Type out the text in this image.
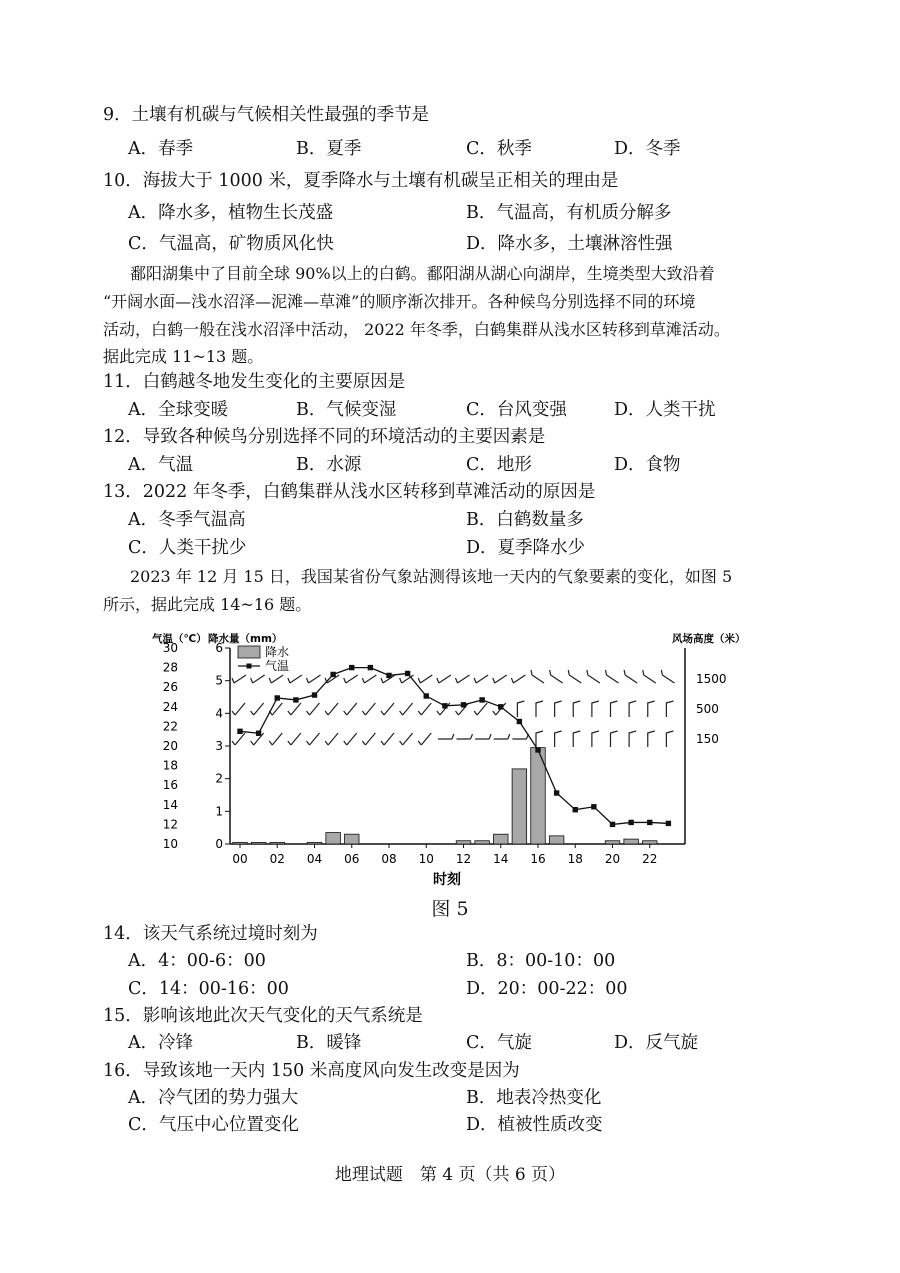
9．土壤有机碳与气候相关性最强的季节是
A．春季	B．夏季	C．秋季	D．冬季
10．海拔大于 1000 米，夏季降水与土壤有机碳呈正相关的理由是
A．降水多，植物生长茂盛	B．气温高，有机质分解多
C．气温高，矿物质风化快	D．降水多，土壤淋溶性强
鄱阳湖集中了目前全球 90%以上的白鹤。鄱阳湖从湖心向湖岸，生境类型大致沿着
“开阔水面—浅水沼泽—泥滩—草滩”的顺序渐次排开。各种候鸟分别选择不同的环境
活动，白鹤一般在浅水沼泽中活动， 2022 年冬季，白鹤集群从浅水区转移到草滩活动。
据此完成 11~13 题。
11．白鹤越冬地发生变化的主要原因是
A．全球变暖	B．气候变湿	C．台风变强	D．人类干扰
12．导致各种候鸟分别选择不同的环境活动的主要因素是
A．气温	B．水源	C．地形	D．食物
13．2022 年冬季，白鹤集群从浅水区转移到草滩活动的原因是
A．冬季气温高	B．白鹤数量多
C．人类干扰少	D．夏季降水少
2023 年 12 月 15 日，我国某省份气象站测得该地一天内的气象要素的变化，如图 5
所示，据此完成 14~16 题。
气温（℃） 降水量（mm）	风场高度（米）
时刻
降水
气温
10
12
14
16
18
20
22
24
26
28
30
0
1
2
3
4
5
6
1500
500
150
00 02 04 06 08 10 12 14 16 18 20 22
图 5
14．该天气系统过境时刻为
A．4：00-6：00	B．8：00-10：00
C．14：00-16：00	D．20：00-22：00
15．影响该地此次天气变化的天气系统是
A．冷锋	B．暖锋	C．气旋	D．反气旋
16．导致该地一天内 150 米高度风向发生改变是因为
A．冷气团的势力强大	B．地表冷热变化
C．气压中心位置变化	D．植被性质改变
地理试题　第 4 页（共 6 页）
